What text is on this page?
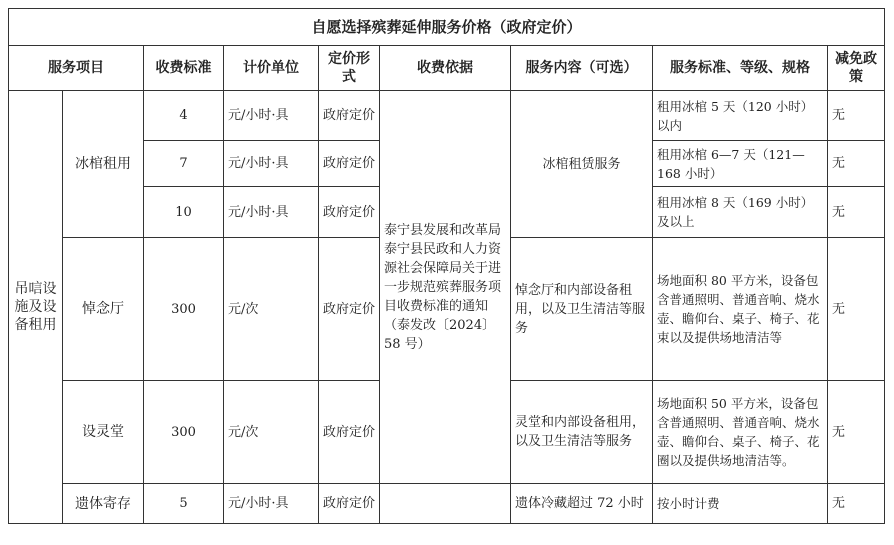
自愿选择殡葬延伸服务价格（政府定价）								
服务项目		收费标准	计价单位	定价形式	收费依据	服务内容（可选）	服务标准、等级、规格	减免政策
吊唁设施及设备租用	冰棺租用	4	元/小时·具	政府定价	泰宁县发展和改革局　泰宁县民政和人力资源社会保障局关于进一步规范殡葬服务项目收费标准的通知（泰发改〔2024〕58 号）	冰棺租赁服务	租用冰棺 5 天（120 小时）以内	无
		7	元/小时·具	政府定价			租用冰棺 6—7 天（121—168 小时）	无
		10	元/小时·具	政府定价			租用冰棺 8 天（169 小时）及以上	无
	悼念厅	300	元/次	政府定价		悼念厅和内部设备租用，以及卫生清洁等服务	场地面积 80 平方米，设备包含普通照明、普通音响、烧水壶、瞻仰台、桌子、椅子、花束以及提供场地清洁等	无
	设灵堂	300	元/次	政府定价		灵堂和内部设备租用，以及卫生清洁等服务	场地面积 50 平方米，设备包含普通照明、普通音响、烧水壶、瞻仰台、桌子、椅子、花圈以及提供场地清洁等。	无
	遗体寄存	5	元/小时·具	政府定价		遗体冷藏超过 72 小时	按小时计费	无
